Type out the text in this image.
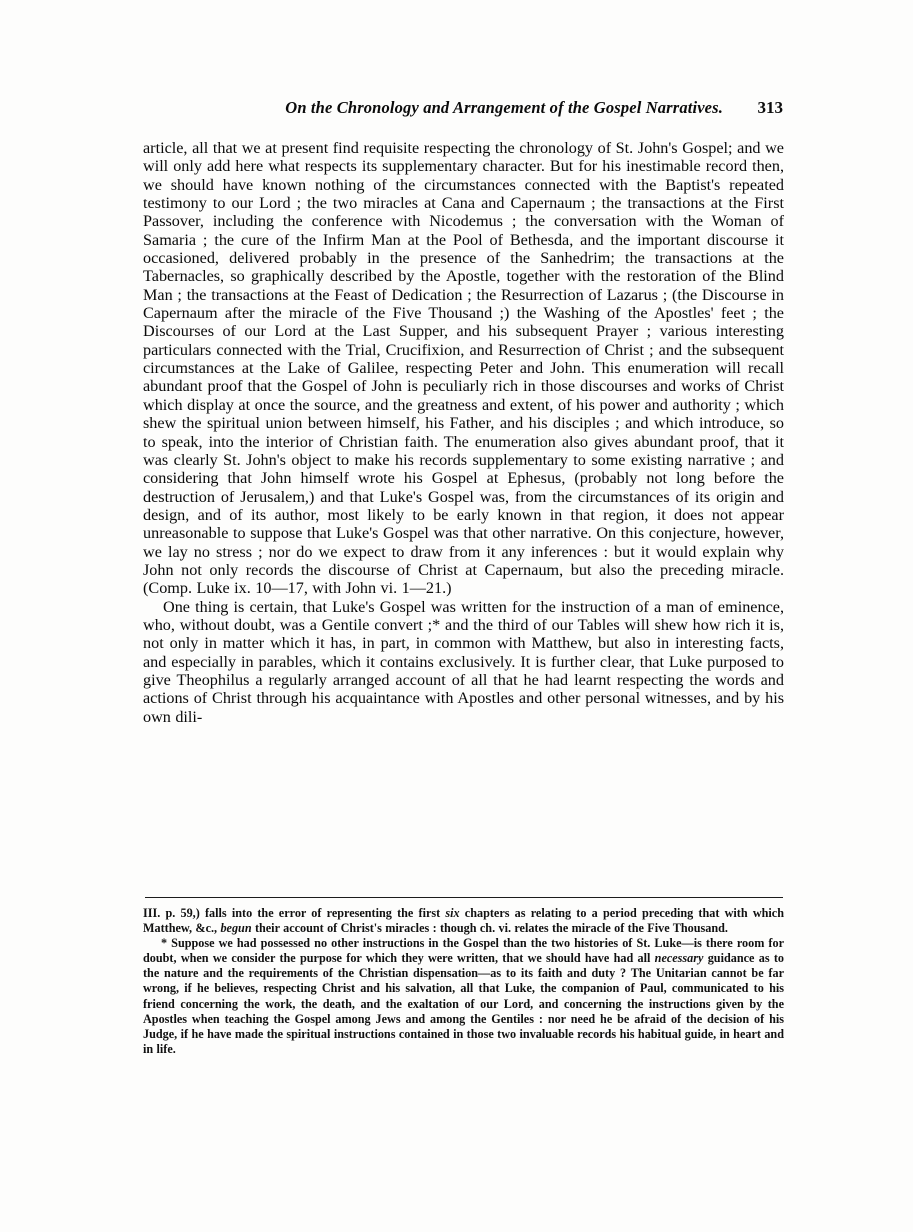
On the Chronology and Arrangement of the Gospel Narratives. 313

article, all that we at present find requisite respecting the chronology of St. John's Gospel; and we will only add here what respects its supplementary character. But for his inestimable record then, we should have known nothing of the circumstances connected with the Baptist's repeated testimony to our Lord ; the two miracles at Cana and Capernaum ; the transactions at the First Passover, including the conference with Nicodemus ; the conversation with the Woman of Samaria ; the cure of the Infirm Man at the Pool of Bethesda, and the important discourse it occasioned, delivered probably in the presence of the Sanhedrim; the transactions at the Tabernacles, so graphically described by the Apostle, together with the restoration of the Blind Man ; the transactions at the Feast of Dedication ; the Resurrection of Lazarus ; (the Discourse in Capernaum after the miracle of the Five Thousand ;) the Washing of the Apostles' feet ; the Discourses of our Lord at the Last Supper, and his subsequent Prayer ; various interesting particulars connected with the Trial, Crucifixion, and Resurrection of Christ ; and the subsequent circumstances at the Lake of Galilee, respecting Peter and John. This enumeration will recall abundant proof that the Gospel of John is peculiarly rich in those discourses and works of Christ which display at once the source, and the greatness and extent, of his power and authority ; which shew the spiritual union between himself, his Father, and his disciples ; and which introduce, so to speak, into the interior of Christian faith. The enumeration also gives abundant proof, that it was clearly St. John's object to make his records supplementary to some existing narrative ; and considering that John himself wrote his Gospel at Ephesus, (probably not long before the destruction of Jerusalem,) and that Luke's Gospel was, from the circumstances of its origin and design, and of its author, most likely to be early known in that region, it does not appear unreasonable to suppose that Luke's Gospel was that other narrative. On this conjecture, however, we lay no stress ; nor do we expect to draw from it any inferences : but it would explain why John not only records the discourse of Christ at Capernaum, but also the preceding miracle. (Comp. Luke ix. 10—17, with John vi. 1—21.)

One thing is certain, that Luke's Gospel was written for the instruction of a man of eminence, who, without doubt, was a Gentile convert ;* and the third of our Tables will shew how rich it is, not only in matter which it has, in part, in common with Matthew, but also in interesting facts, and especially in parables, which it contains exclusively. It is further clear, that Luke purposed to give Theophilus a regularly arranged account of all that he had learnt respecting the words and actions of Christ through his acquaintance with Apostles and other personal witnesses, and by his own dili-

III. p. 59,) falls into the error of representing the first six chapters as relating to a period preceding that with which Matthew, &c., begun their account of Christ's miracles : though ch. vi. relates the miracle of the Five Thousand.

* Suppose we had possessed no other instructions in the Gospel than the two histories of St. Luke—is there room for doubt, when we consider the purpose for which they were written, that we should have had all necessary guidance as to the nature and the requirements of the Christian dispensation—as to its faith and duty ? The Unitarian cannot be far wrong, if he believes, respecting Christ and his salvation, all that Luke, the companion of Paul, communicated to his friend concerning the work, the death, and the exaltation of our Lord, and concerning the instructions given by the Apostles when teaching the Gospel among Jews and among the Gentiles : nor need he be afraid of the decision of his Judge, if he have made the spiritual instructions contained in those two invaluable records his habitual guide, in heart and in life.
